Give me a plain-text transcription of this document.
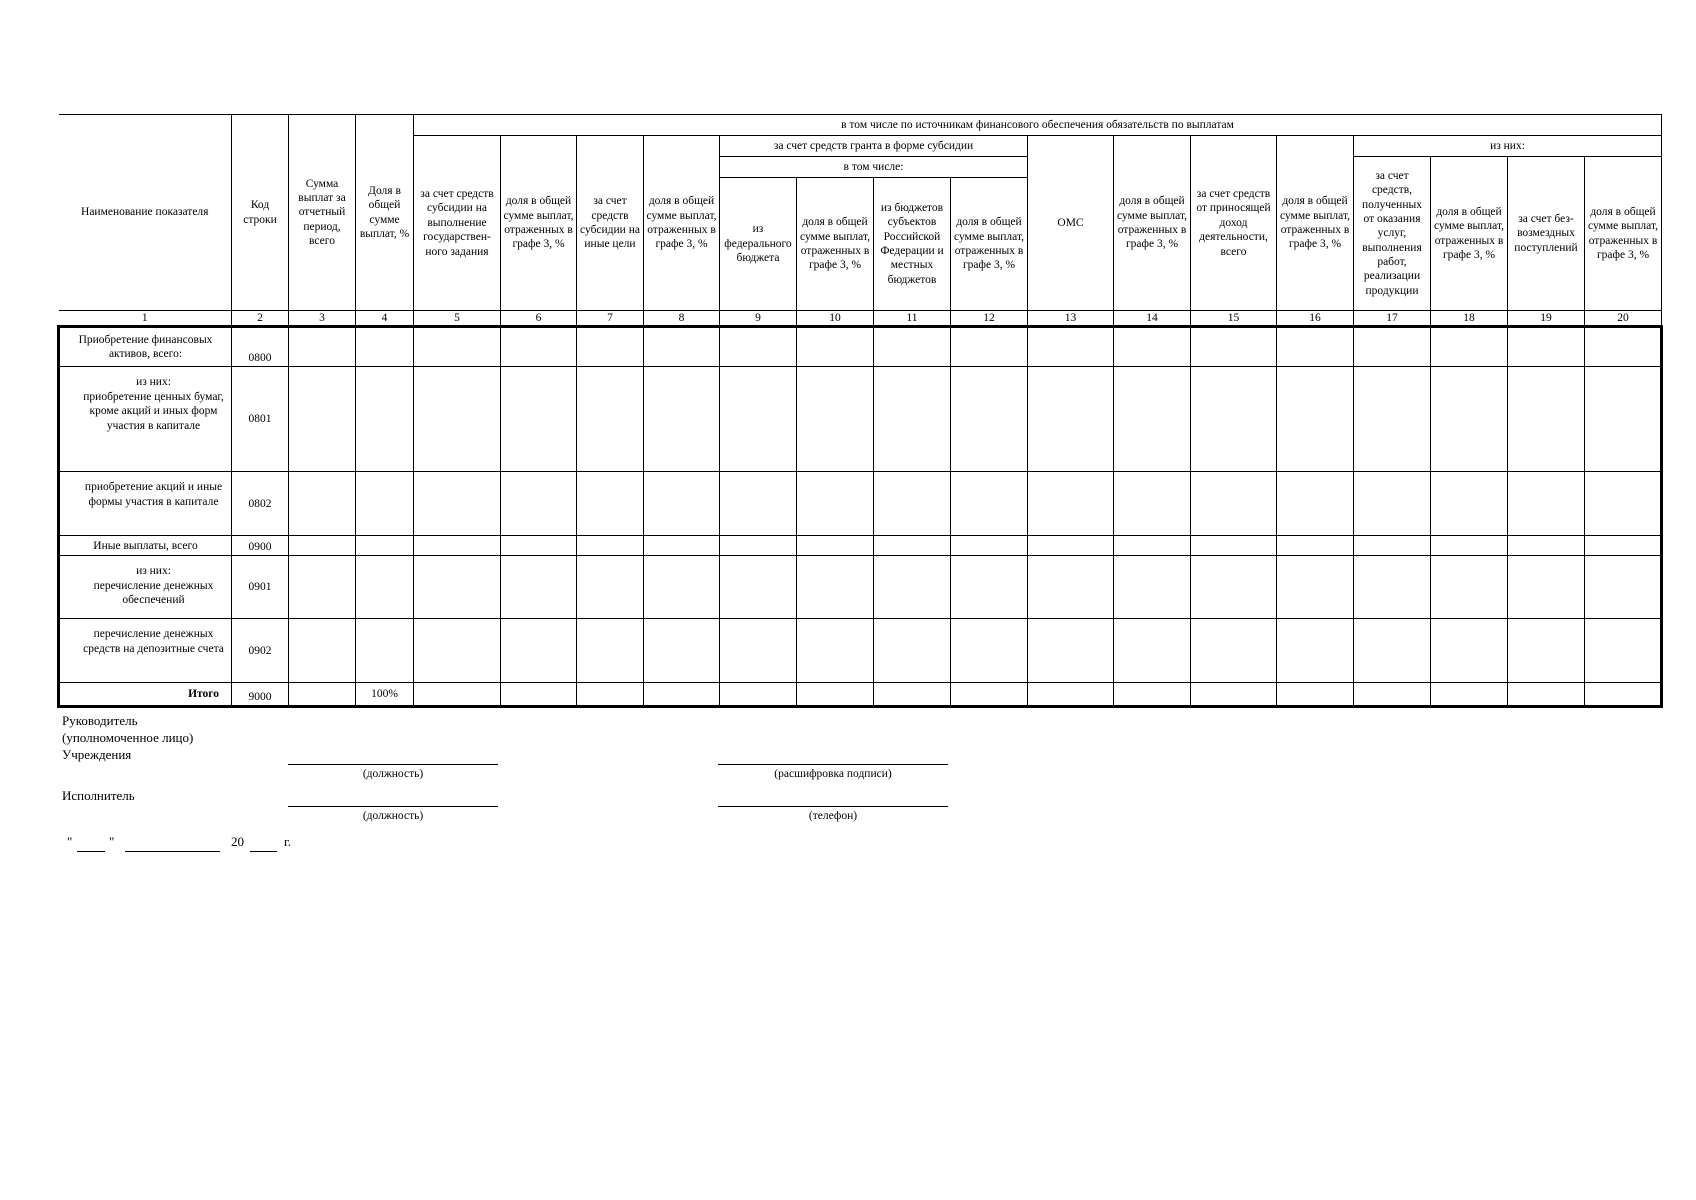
Наименование показателя	Код строки	Сумма выплат за отчетный период, всего	Доля в общей сумме выплат, %	в том числе по источникам финансового обеспечения обязательств по выплатам															
				за счет средств субсидии на выполнение государствен-ного задания	доля в общей сумме выплат, отраженных в графе 3, %	за счет средств субсидии на иные цели	доля в общей сумме выплат, отраженных в графе 3, %	за счет средств гранта в форме субсидии				ОМС	доля в общей сумме выплат, отраженных в графе 3, %	за счет средств от приносящей доход деятельности, всего	доля в общей сумме выплат, отраженных в графе 3, %	из них:			
								в том числе:								за счет средств, полученных от оказания услуг, выполнения работ, реализации продукции	доля в общей сумме выплат, отраженных в графе 3, %	за счет без-возмездных поступлений	доля в общей сумме выплат, отраженных в графе 3, %
								из федерального бюджета	доля в общей сумме выплат, отраженных в графе 3, %	из бюджетов субъектов Российской Федерации и местных бюджетов	доля в общей сумме выплат, отраженных в графе 3, %								
1	2	3	4	5	6	7	8	9	10	11	12	13	14	15	16	17	18	19	20
Приобретение финансовых активов, всего:	0800																		
из них:
приобретение ценных бумаг, кроме акций и иных форм участия в капитале	0801																		
приобретение акций и иные формы участия в капитале	0802																		
Иные выплаты, всего	0900																		
из них:
перечисление денежных обеспечений	0901																		
перечисление денежных средств на депозитные счета	0902																		
Итого	9000		100%																
Руководитель
(уполномоченное лицо)
Учреждения
(должность)	(расшифровка подписи)
Исполнитель
(должность)	(телефон)
"	"	20	г.
